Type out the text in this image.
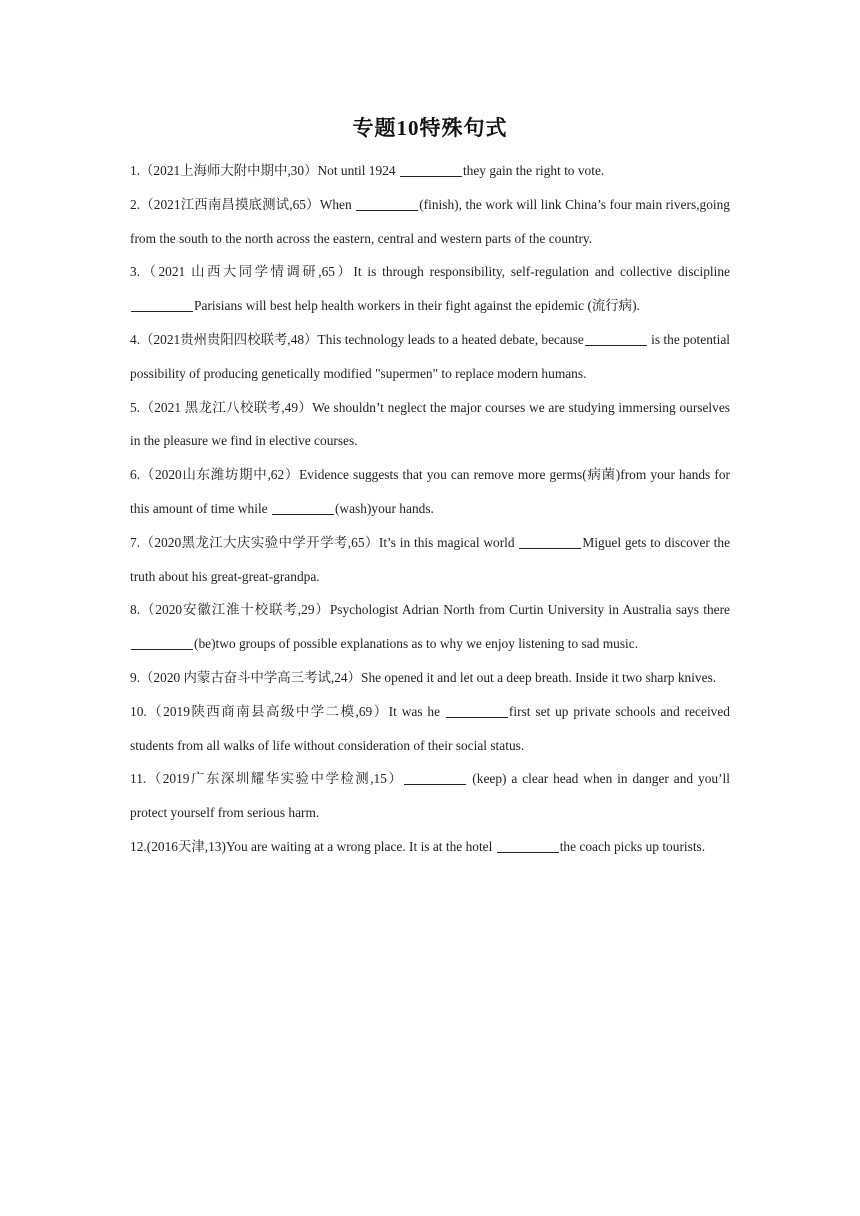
专题10特殊句式

1.（2021上海师大附中期中,30）Not until 1924	they gain the right to vote.

2.（2021江西南昌摸底测试,65）When	(finish), the work will link China’s four main rivers,going from the south to the north across the eastern, central and western parts of the country.

3.（2021 山西大同学情调研,65）It is through responsibility, self-regulation and collective discipline Parisians will best help health workers in their fight against the epidemic (流行病).

4.（2021贵州贵阳四校联考,48）This technology leads to a heated debate, because	is the potential possibility of producing genetically modified "supermen" to replace modern humans.

5.（2021 黑龙江八校联考,49）We shouldn’t neglect the major courses we are studying immersing ourselves in the pleasure we find in elective courses.

6.（2020山东潍坊期中,62）Evidence suggests that you can remove more germs(病菌)from your hands for this amount of time while	(wash)your hands.

7.（2020黑龙江大庆实验中学开学考,65）It’s in this magical world	Miguel gets to discover the truth about his great-great-grandpa.

8.（2020安徽江淮十校联考,29）Psychologist Adrian North from Curtin University in Australia says there (be)two groups of possible explanations as to why we enjoy listening to sad music.

9.（2020 内蒙古奋斗中学高三考试,24）She opened it and let out a deep breath. Inside it two sharp knives.

10.（2019陕西商南县高级中学二模,69）It was he	first set up private schools and received students from all walks of life without consideration of their social status.

11.（2019广东深圳耀华实验中学检测,15）	(keep) a clear head when in danger and you’ll protect yourself from serious harm.

12.(2016天津,13)You are waiting at a wrong place. It is at the hotel	the coach picks up tourists.
